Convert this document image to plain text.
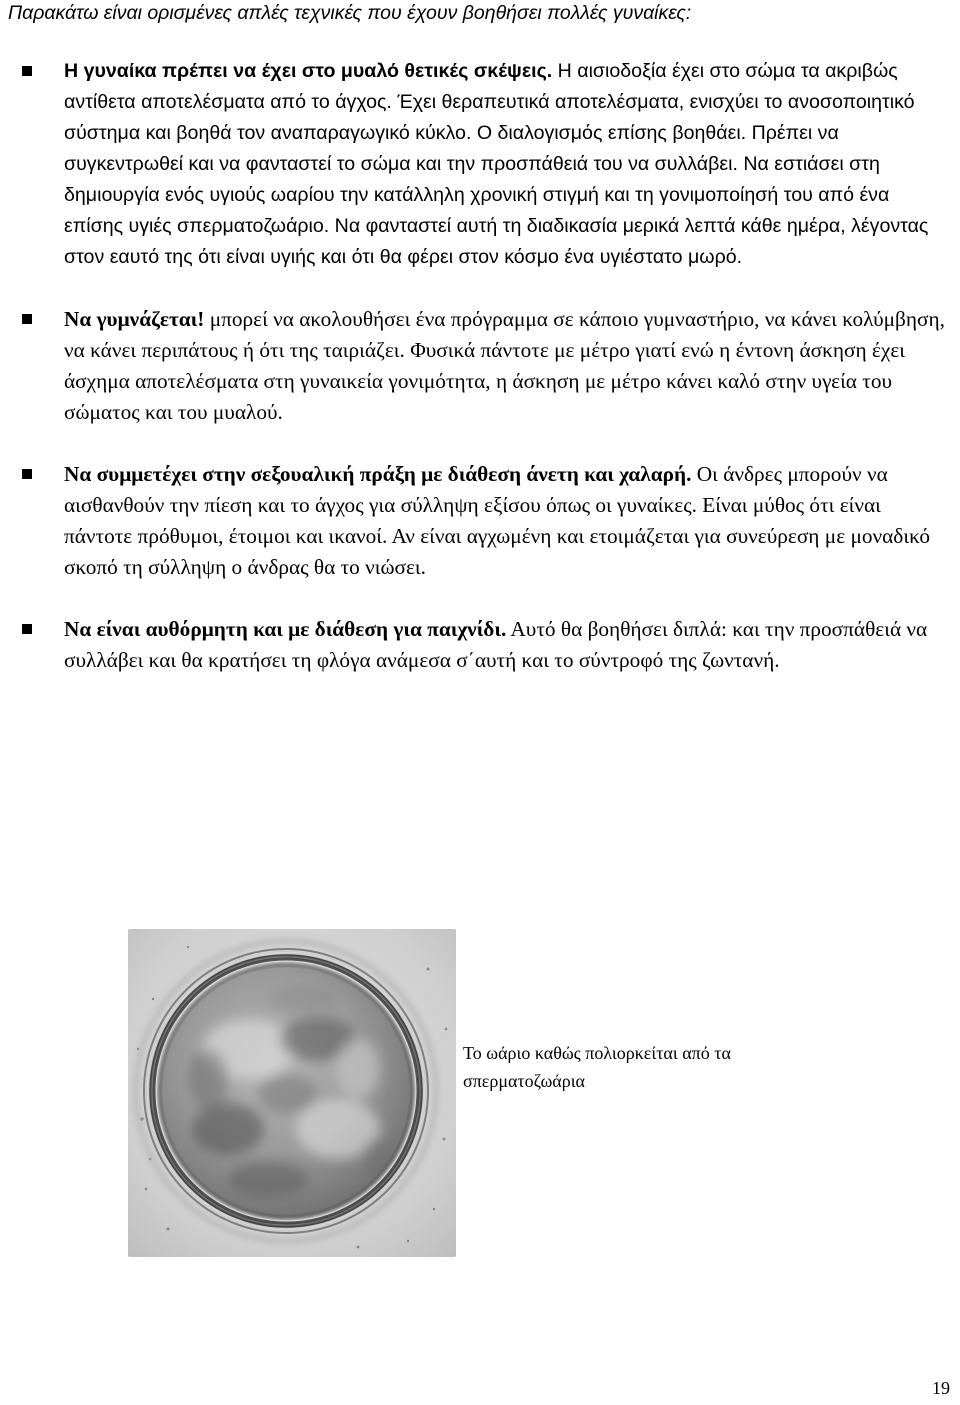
Παρακάτω είναι ορισμένες απλές τεχνικές που έχουν βοηθήσει πολλές γυναίκες:

Η γυναίκα πρέπει να έχει στο μυαλό θετικές σκέψεις. Η αισιοδοξία έχει στο σώμα τα ακριβώς αντίθετα αποτελέσματα από το άγχος. Έχει θεραπευτικά αποτελέσματα, ενισχύει το ανοσοποιητικό σύστημα και βοηθά τον αναπαραγωγικό κύκλο. Ο διαλογισμός επίσης βοηθάει. Πρέπει να συγκεντρωθεί και να φανταστεί το σώμα και την προσπάθειά του να συλλάβει. Να εστιάσει στη δημιουργία ενός υγιούς ωαρίου την κατάλληλη χρονική στιγμή και τη γονιμοποίησή του από ένα επίσης υγιές σπερματοζωάριο. Να φανταστεί αυτή τη διαδικασία μερικά λεπτά κάθε ημέρα, λέγοντας στον εαυτό της ότι είναι υγιής και ότι θα φέρει στον κόσμο ένα υγιέστατο μωρό.

Να γυμνάζεται! μπορεί να ακολουθήσει ένα πρόγραμμα σε κάποιο γυμναστήριο, να κάνει κολύμβηση, να κάνει περιπάτους ή ότι της ταιριάζει. Φυσικά πάντοτε με μέτρο γιατί ενώ η έντονη άσκηση έχει άσχημα αποτελέσματα στη γυναικεία γονιμότητα, η άσκηση με μέτρο κάνει καλό στην υγεία του σώματος και του μυαλού.

Να συμμετέχει στην σεξουαλική πράξη με διάθεση άνετη και χαλαρή. Οι άνδρες μπορούν να αισθανθούν την πίεση και το άγχος για σύλληψη εξίσου όπως οι γυναίκες. Είναι μύθος ότι είναι πάντοτε πρόθυμοι, έτοιμοι και ικανοί. Αν είναι αγχωμένη και ετοιμάζεται για συνεύρεση με μοναδικό σκοπό τη σύλληψη ο άνδρας θα το νιώσει.

Να είναι αυθόρμητη και με διάθεση για παιχνίδι. Αυτό θα βοηθήσει διπλά: και την προσπάθειά να συλλάβει και θα κρατήσει τη φλόγα ανάμεσα σ΄αυτή και το σύντροφό της ζωντανή.

Το ωάριο καθώς πολιορκείται από τα σπερματοζωάρια

19
